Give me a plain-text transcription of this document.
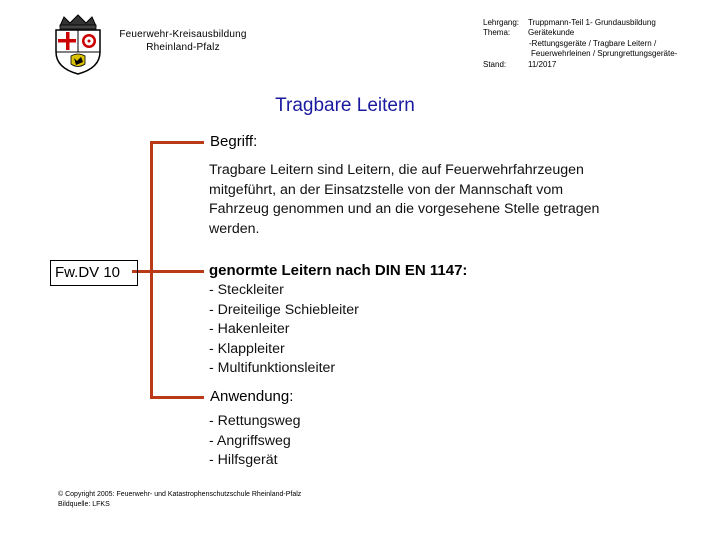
Feuerwehr-Kreisausbildung
Rheinland-Pfalz
Lehrgang: Truppmann-Teil 1- Grundausbildung
Thema: Gerätekunde
-Rettungsgeräte / Tragbare Leitern /
Feuerwehrleinen / Sprungrettungsgeräte-
Stand:	11/2017
Tragbare Leitern
Fw.DV 10
Begriff:
Tragbare Leitern sind Leitern, die auf Feuerwehrfahrzeugen
mitgeführt, an der Einsatzstelle von der Mannschaft vom
Fahrzeug genommen und an die vorgesehene Stelle getragen
werden.
genormte Leitern nach DIN EN 1147:
- Steckleiter
- Dreiteilige Schiebleiter
- Hakenleiter
- Klappleiter
- Multifunktionsleiter
Anwendung:
- Rettungsweg
- Angriffsweg
- Hilfsgerät
© Copyright 2005: Feuerwehr- und Katastrophenschutzschule Rheinland-Pfalz
Bildquelle: LFKS
